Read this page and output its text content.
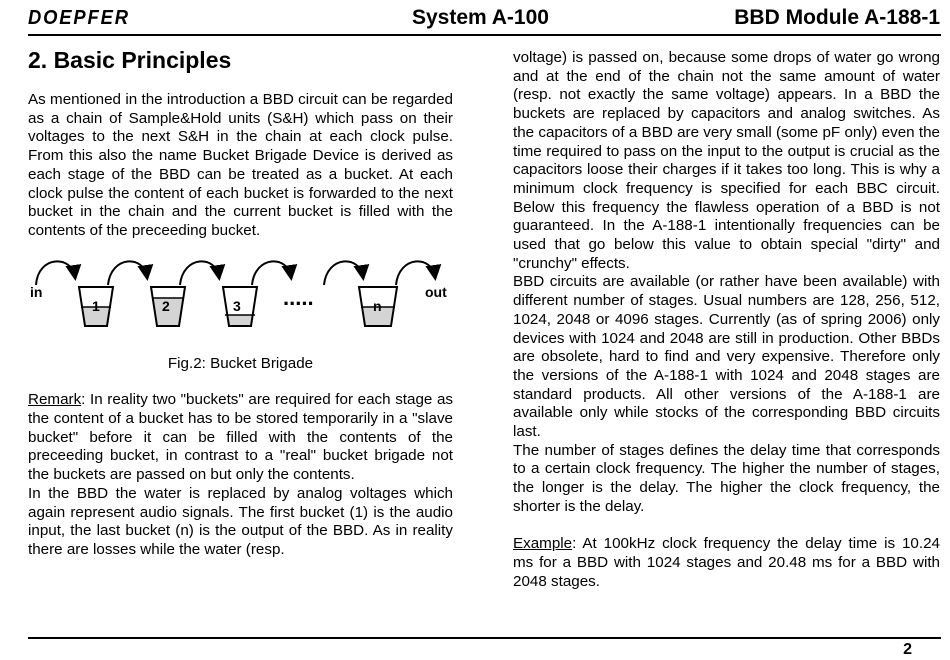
DOEPFER	System A-100	BBD Module A-188-1
2. Basic Principles

As mentioned in the introduction a BBD circuit can be regarded as a chain of Sample&Hold units (S&H) which pass on their voltages to the next S&H in the chain at each clock pulse. From this also the name Bucket Brigade Device is derived as each stage of the BBD can be treated as a bucket. At each clock pulse the content of each bucket is forwarded to the next bucket in the chain and the current bucket is filled with the contents of the preceeding bucket.

in	out
1	2	3	n
.....
Fig.2: Bucket Brigade

Remark: In reality two "buckets" are required for each stage as the content of a bucket has to be stored temporarily in a "slave bucket" before it can be filled with the contents of the preceeding bucket, in contrast to a "real" bucket brigade not the buckets are passed on but only the contents.

In the BBD the water is replaced by analog voltages which again represent audio signals. The first bucket (1) is the audio input, the last bucket (n) is the output of the BBD. As in reality there are losses while the water (resp.

voltage) is passed on, because some drops of water go wrong and at the end of the chain not the same amount of water (resp. not exactly the same voltage) appears. In a BBD the buckets are replaced by capacitors and analog switches. As the capacitors of a BBD are very small (some pF only) even the time required to pass on the input to the output is crucial as the capacitors loose their charges if it takes too long. This is why a minimum clock frequency is specified for each BBC circuit. Below this frequency the flawless operation of a BBD is not guaranteed. In the A-188-1 intentionally frequencies can be used that go below this value to obtain special "dirty" and "crunchy" effects.

BBD circuits are available (or rather have been available) with different number of stages. Usual numbers are 128, 256, 512, 1024, 2048 or 4096 stages. Currently (as of spring 2006) only devices with 1024 and 2048 are still in production. Other BBDs are obsolete, hard to find and very expensive. Therefore only the versions of the A-188-1 with 1024 and 2048 stages are standard products. All other versions of the A-188-1 are available only while stocks of the corresponding BBD circuits last.

The number of stages defines the delay time that corresponds to a certain clock frequency. The higher the number of stages, the longer is the delay. The higher the clock frequency, the shorter is the delay.

Example: At 100kHz clock frequency the delay time is 10.24 ms for a BBD with 1024 stages and 20.48 ms for a BBD with 2048 stages.

2
